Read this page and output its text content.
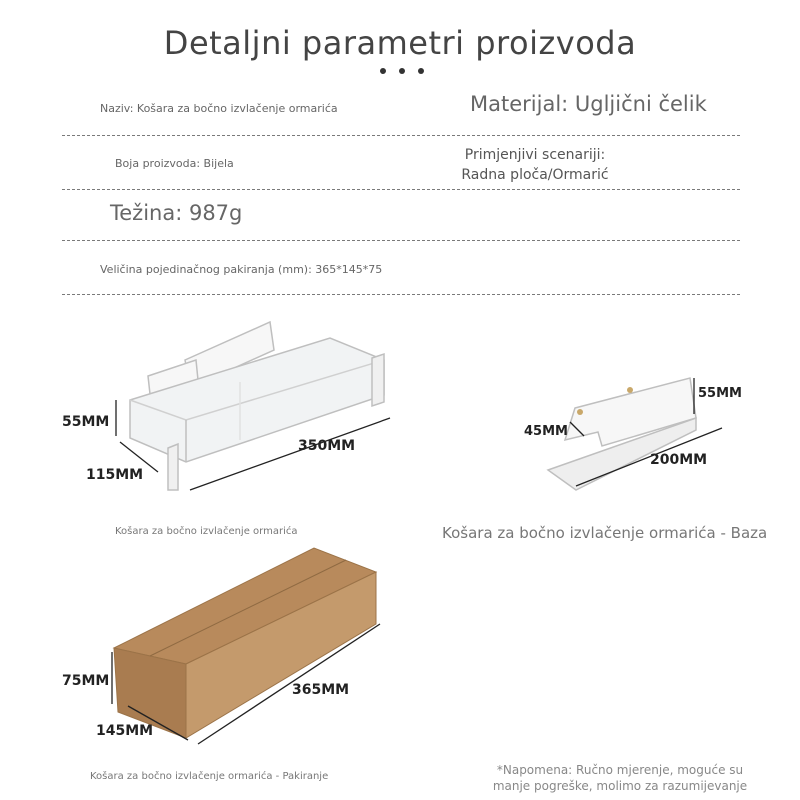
Detaljni parametri proizvoda
Naziv: Košara za bočno izvlačenje ormarića	Materijal: Ugljični čelik
Boja proizvoda: Bijela
Primjenjivi scenariji:
Radna ploča/Ormarić
Težina: 987g
Veličina pojedinačnog pakiranja (mm): 365*145*75
55MM
115MM
350MM
Košara za bočno izvlačenje ormarića
55MM
45MM
200MM
Košara za bočno izvlačenje ormarića - Baza
75MM
145MM
365MM
Košara za bočno izvlačenje ormarića - Pakiranje	*Napomena: Ručno mjerenje, moguće su
manje pogreške, molimo za razumijevanje
